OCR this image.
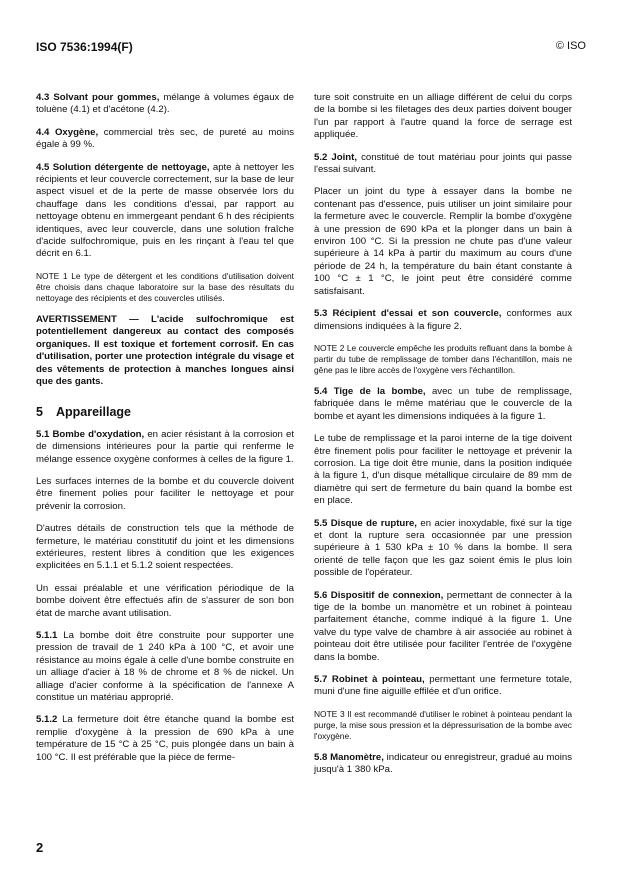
ISO 7536:1994(F)	© ISO

4.3 Solvant pour gommes, mélange à volumes égaux de toluène (4.1) et d'acétone (4.2).

4.4 Oxygène, commercial très sec, de pureté au moins égale à 99 %.

4.5 Solution détergente de nettoyage, apte à nettoyer les récipients et leur couvercle correctement, sur la base de leur aspect visuel et de la perte de masse observée lors du chauffage dans les conditions d'essai, par rapport au nettoyage obtenu en immergeant pendant 6 h des récipients identiques, avec leur couvercle, dans une solution fraîche d'acide sulfochromique, puis en les rinçant à l'eau tel que décrit en 6.1.

NOTE 1 Le type de détergent et les conditions d'utilisation doivent être choisis dans chaque laboratoire sur la base des résultats du nettoyage des récipients et des couvercles utilisés.

AVERTISSEMENT — L'acide sulfochromique est potentiellement dangereux au contact des composés organiques. Il est toxique et fortement corrosif. En cas d'utilisation, porter une protection intégrale du visage et des vêtements de protection à manches longues ainsi que des gants.

5 Appareillage

5.1 Bombe d'oxydation, en acier résistant à la corrosion et de dimensions intérieures pour la partie qui renferme le mélange essence oxygène conformes à celles de la figure 1.

Les surfaces internes de la bombe et du couvercle doivent être finement polies pour faciliter le nettoyage et pour prévenir la corrosion.

D'autres détails de construction tels que la méthode de fermeture, le matériau constitutif du joint et les dimensions extérieures, restent libres à condition que les exigences explicitées en 5.1.1 et 5.1.2 soient respectées.

Un essai préalable et une vérification périodique de la bombe doivent être effectués afin de s'assurer de son bon état de marche avant utilisation.

5.1.1 La bombe doit être construite pour supporter une pression de travail de 1 240 kPa à 100 °C, et avoir une résistance au moins égale à celle d'une bombe construite en un alliage d'acier à 18 % de chrome et 8 % de nickel. Un alliage d'acier conforme à la spécification de l'annexe A constitue un matériau approprié.

5.1.2 La fermeture doit être étanche quand la bombe est remplie d'oxygène à la pression de 690 kPa à une température de 15 °C à 25 °C, puis plongée dans un bain à 100 °C. Il est préférable que la pièce de ferme-

ture soit construite en un alliage différent de celui du corps de la bombe si les filetages des deux parties doivent bouger l'un par rapport à l'autre quand la force de serrage est appliquée.

5.2 Joint, constitué de tout matériau pour joints qui passe l'essai suivant.

Placer un joint du type à essayer dans la bombe ne contenant pas d'essence, puis utiliser un joint similaire pour la fermeture avec le couvercle. Remplir la bombe d'oxygène à une pression de 690 kPa et la plonger dans un bain à environ 100 °C. Si la pression ne chute pas d'une valeur supérieure à 14 kPa à partir du maximum au cours d'une période de 24 h, la température du bain étant constante à 100 °C ± 1 °C, le joint peut être considéré comme satisfaisant.

5.3 Récipient d'essai et son couvercle, conformes aux dimensions indiquées à la figure 2.

NOTE 2 Le couvercle empêche les produits refluant dans la bombe à partir du tube de remplissage de tomber dans l'échantillon, mais ne gêne pas le libre accès de l'oxygène vers l'échantillon.

5.4 Tige de la bombe, avec un tube de remplissage, fabriquée dans le même matériau que le couvercle de la bombe et ayant les dimensions indiquées à la figure 1.

Le tube de remplissage et la paroi interne de la tige doivent être finement polis pour faciliter le nettoyage et prévenir la corrosion. La tige doit être munie, dans la position indiquée à la figure 1, d'un disque métallique circulaire de 89 mm de diamètre qui sert de fermeture du bain quand la bombe est en place.

5.5 Disque de rupture, en acier inoxydable, fixé sur la tige et dont la rupture sera occasionnée par une pression supérieure à 1 530 kPa ± 10 % dans la bombe. Il sera orienté de telle façon que les gaz soient émis le plus loin possible de l'opérateur.

5.6 Dispositif de connexion, permettant de connecter à la tige de la bombe un manomètre et un robinet à pointeau parfaitement étanche, comme indiqué à la figure 1. Une valve du type valve de chambre à air associée au robinet à pointeau doit être utilisée pour faciliter l'entrée de l'oxygène dans la bombe.

5.7 Robinet à pointeau, permettant une fermeture totale, muni d'une fine aiguille effilée et d'un orifice.

NOTE 3 Il est recommandé d'utiliser le robinet à pointeau pendant la purge, la mise sous pression et la dépressurisation de la bombe avec l'oxygène.

5.8 Manomètre, indicateur ou enregistreur, gradué au moins jusqu'à 1 380 kPa.

2
